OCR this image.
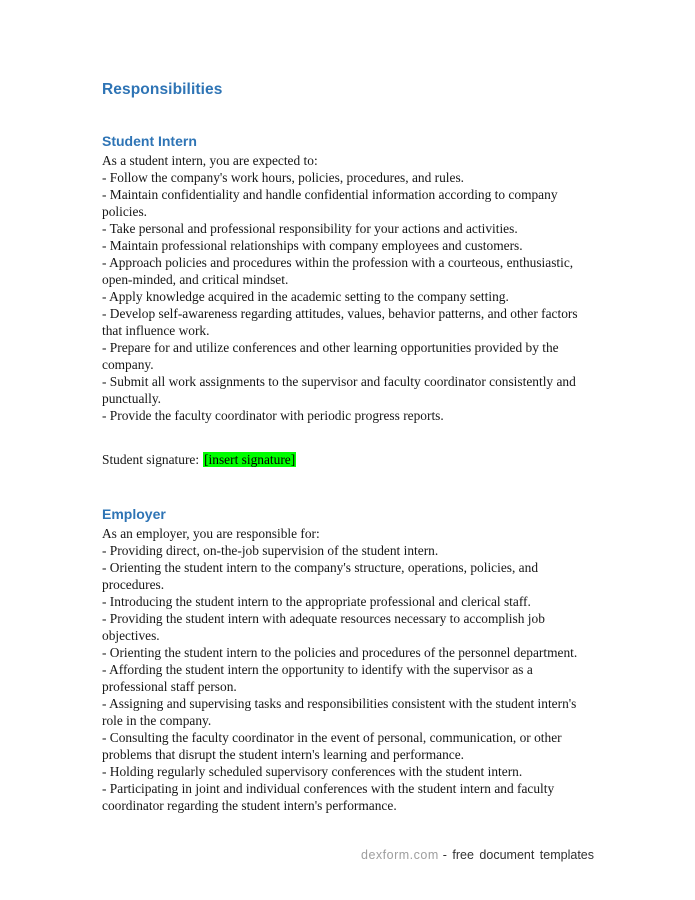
Responsibilities
Student Intern

As a student intern, you are expected to:

- Follow the company's work hours, policies, procedures, and rules.

- Maintain confidentiality and handle confidential information according to company policies.

- Take personal and professional responsibility for your actions and activities.

- Maintain professional relationships with company employees and customers.

- Approach policies and procedures within the profession with a courteous, enthusiastic, open-minded, and critical mindset.

- Apply knowledge acquired in the academic setting to the company setting.

- Develop self-awareness regarding attitudes, values, behavior patterns, and other factors that influence work.

- Prepare for and utilize conferences and other learning opportunities provided by the company.

- Submit all work assignments to the supervisor and faculty coordinator consistently and punctually.

- Provide the faculty coordinator with periodic progress reports.

Student signature: [insert signature]

Employer

As an employer, you are responsible for:

- Providing direct, on-the-job supervision of the student intern.

- Orienting the student intern to the company's structure, operations, policies, and procedures.

- Introducing the student intern to the appropriate professional and clerical staff.

- Providing the student intern with adequate resources necessary to accomplish job objectives.

- Orienting the student intern to the policies and procedures of the personnel department.

- Affording the student intern the opportunity to identify with the supervisor as a professional staff person.

- Assigning and supervising tasks and responsibilities consistent with the student intern's role in the company.

- Consulting the faculty coordinator in the event of personal, communication, or other problems that disrupt the student intern's learning and performance.

- Holding regularly scheduled supervisory conferences with the student intern.

- Participating in joint and individual conferences with the student intern and faculty coordinator regarding the student intern's performance.

dexform.com - free document templates
